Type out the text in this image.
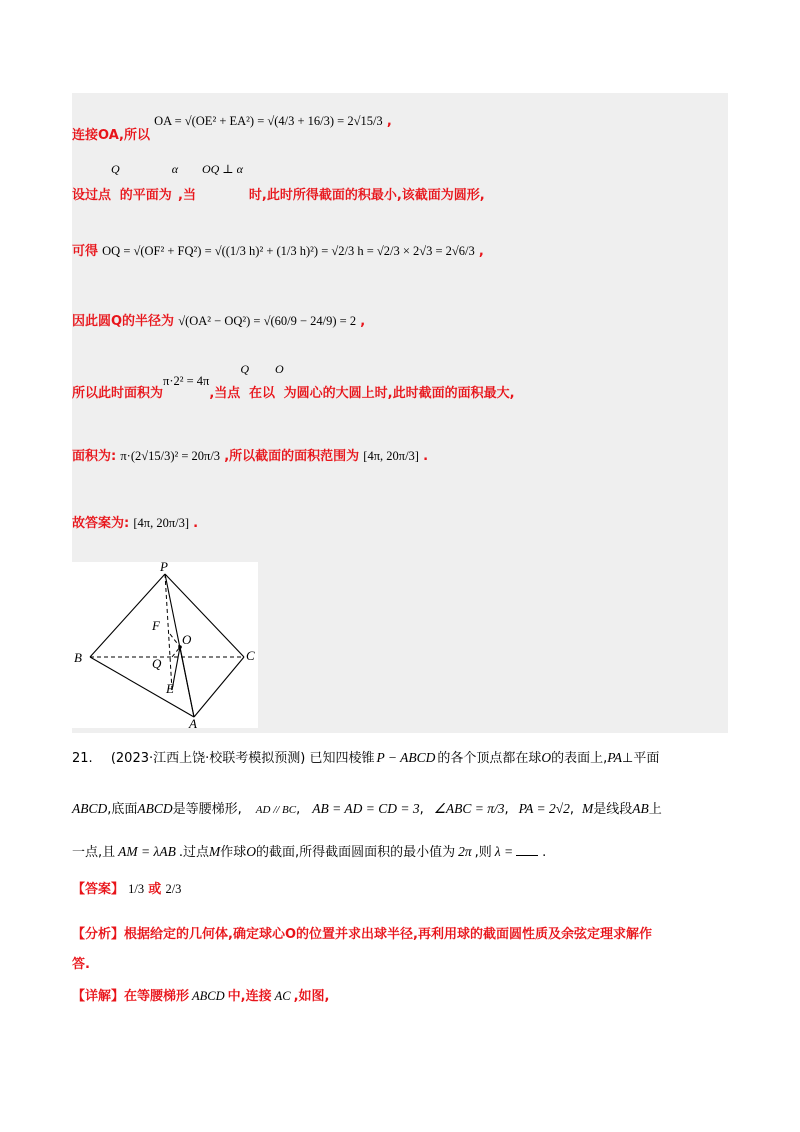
连接OA,所以 OA = √(OE² + EA²) = √(4/3 + 16/3) = 2√15/3 ,
设过点Q的平面为α,当OQ ⊥ α时,此时所得截面的积最小,该截面为圆形,
可得 OQ = √(OF² + FQ²) = √((1/3 h)² + (1/3 h)²) = √2/3 h = √2/3 × 2√3 = 2√6/3 ,
因此圆Q的半径为 √(OA² − OQ²) = √(60/9 − 24/9) = 2 ,
所以此时面积为π·2² = 4π,当点Q在以O为圆心的大圆上时,此时截面的面积最大,
面积为: π·(2√15/3)² = 20π/3 ,所以截面的面积范围为 [4π, 20π/3] .
故答案为: [4π, 20π/3] .
P
B	C
A
F
O
Q
E
21. (2023·江西上饶·校联考模拟预测) 已知四棱锥 P − ABCD 的各个顶点都在球O的表面上,PA⊥平面
ABCD,底面ABCD是等腰梯形, AD // BC, AB = AD = CD = 3, ∠ABC = π/3, PA = 2√2, M是线段AB上
一点,且 AM = λAB .过点M作球O的截面,所得截面圆面积的最小值为 2π ,则 λ = .
【答案】 1/3 或 2/3
【分析】根据给定的几何体,确定球心O的位置并求出球半径,再利用球的截面圆性质及余弦定理求解作
答.
【详解】在等腰梯形 ABCD 中,连接 AC ,如图,
